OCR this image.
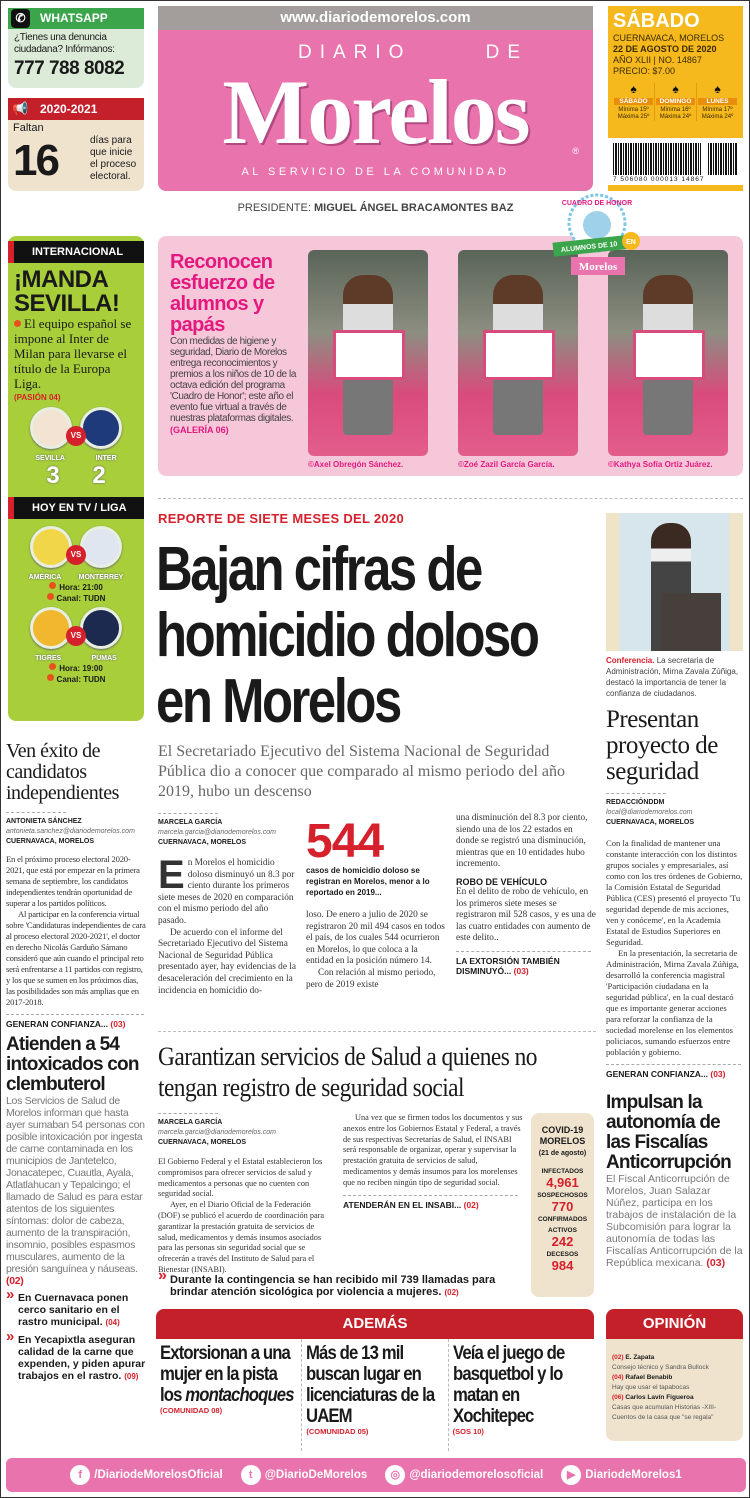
✆	WHATSAPP

¿Tienes una denuncia ciudadana? Infórmanos:

777 788 8082
📢 2020-2021
Faltan
16	días para que inicie el proceso electoral.
www.diariodemorelos.com
DIARIO	DE
Morelos	®
AL SERVICIO DE LA COMUNIDAD
SÁBADO
CUERNAVACA, MORELOS
22 DE AGOSTO DE 2020
AÑO XLII | NO. 14867
PRECIO: $7.00
♠
SÁBADO
Mínima 15º
Máxima 25º
♠
DOMINGO
Mínima 16º
Máxima 24º
♠
LUNES
Mínima 17º
Máxima 24º
7 506080 000013 14867
PRESIDENTE: MIGUEL ÁNGEL BRACAMONTES BAZ
Reconocen esfuerzo de alumnos y papás

Con medidas de higiene y seguridad, Diario de Morelos entrega reconocimientos y premios a los niños de 10 de la octava edición del programa 'Cuadro de Honor'; este año el evento fue virtual a través de nuestras plataformas digitales.

(GALERÍA 06)
©Axel Obregón Sánchez.	©Zoé Zazil García García.	©Kathya Sofía Ortiz Juárez.
CUADRO DE HONOR
ALUMNOS DE 10 EN
Morelos
INTERNACIONAL
¡MANDA SEVILLA!

El equipo español se impone al Inter de Milan para llevarse el título de la Europa Liga.

(PASIÓN 04)
VS
SEVILLA	INTER
3 2
HOY EN TV / LIGA
VS
AMÉRICA MONTERREY
Hora: 21:00
Canal: TUDN
VS
TIGRES	PUMAS
Hora: 19:00
Canal: TUDN
REPORTE DE SIETE MESES DEL 2020
Bajan cifras de homicidio doloso en Morelos
El Secretariado Ejecutivo del Sistema Nacional de Seguridad Pública dio a conocer que comparado al mismo periodo del año 2019, hubo un descenso
MARCELA GARCÍA
marcela.garcia@diariodemorelos.com
CUERNAVACA, MORELOS
En Morelos el homicidio doloso disminuyó un 8.3 por ciento durante los primeros siete meses de 2020 en comparación con el mismo periodo del año pasado.
De acuerdo con el informe del Secretariado Ejecutivo del Sistema Nacional de Seguridad Pública presentado ayer, hay evidencias de la desaceleración del crecimiento en la incidencia en homicidio do-
544
casos de homicidio doloso se registran en Morelos, menor a lo reportado en 2019...
loso. De enero a julio de 2020 se registraron 20 mil 494 casos en todos el país, de los cuales 544 ocurrieron en Morelos, lo que coloca a la entidad en la posición número 14.
Con relación al mismo periodo, pero de 2019 existe
una disminución del 8.3 por ciento, siendo una de los 22 estados en donde se registró una disminución, mientras que en 10 entidades hubo incremento.
ROBO DE VEHÍCULO
En el delito de robo de vehículo, en los primeros siete meses se registraron mil 528 casos, y es una de las cuatro entidades con aumento de este delito..
LA EXTORSIÓN TAMBIÉN DISMINUYÓ... (03)
Conferencia. La secretaria de Administración, Mirna Zavala Zúñiga, destacó la importancia de tener la confianza de ciudadanos.
Presentan proyecto de seguridad
REDACCIÓNDDM
local@diariodemorelos.com
CUERNAVACA, MORELOS
Con la finalidad de mantener una constante interacción con los distintos grupos sociales y empresariales, así como con los tres órdenes de Gobierno, la Comisión Estatal de Seguridad Pública (CES) presentó el proyecto 'Tu seguridad depende de mis acciones, ven y conóceme', en la Academia Estatal de Estudios Superiores en Seguridad.
En la presentación, la secretaria de Administración, Mirna Zavala Zúñiga, desarrolló la conferencia magistral 'Participación ciudadana en la seguridad pública', en la cual destacó que es importante generar acciones para reforzar la confianza de la sociedad morelense en los elementos policiacos, sumando esfuerzos entre población y gobierno.
GENERAN CONFIANZA... (03)
Impulsan la autonomía de las Fiscalías Anticorrupción
El Fiscal Anticorrupción de Morelos, Juan Salazar Núñez, participa en los trabajos de instalación de la Subcomisión para lograr la autonomía de todas las Fiscalías Anticorrupción de la República mexicana. (03)
Ven éxito de candidatos independientes
ANTONIETA SÁNCHEZ
antonieta.sanchez@diariodemorelos.com
CUERNAVACA, MORELOS
En el próximo proceso electoral 2020-2021, que está por empezar en la primera semana de septiembre, los candidatos independientes tendrán oportunidad de superar a los partidos políticos.
Al participar en la conferencia virtual sobre 'Candidaturas independientes de cara al proceso electoral 2020-2021', el doctor en derecho Nicolás Garduño Sámano consideró que aún cuando el principal reto será enfrentarse a 11 partidos con registro, y los que se sumen en los próximos días, las posibilidades son más amplias que en 2017-2018.
GENERAN CONFIANZA... (03)
Atienden a 54 intoxicados con clembuterol

Los Servicios de Salud de Morelos informan que hasta ayer sumaban 54 personas con posible intoxicación por ingesta de carne contaminada en los municipios de Jantetelco, Jonacatepec, Cuautla, Ayala, Atlatlahucan y Tepalcingo; el llamado de Salud es para estar atentos de los siguientes síntomas: dolor de cabeza, aumento de la transpiración, insomnio, posibles espasmos musculares, aumento de la presión sanguínea y náuseas. (02)

» En Cuernavaca ponen cerco sanitario en el rastro municipal. (04)
» En Yecapixtla aseguran calidad de la carne que expenden, y piden apurar trabajos en el rastro. (09)
Garantizan servicios de Salud a quienes no tengan registro de seguridad social
MARCELA GARCÍA
marcela.garcia@diariodemorelos.com
CUERNAVACA, MORELOS
El Gobierno Federal y el Estatal establecieron los compromisos para ofrecer servicios de salud y medicamentos a personas que no cuenten con seguridad social.
Ayer, en el Diario Oficial de la Federación (DOF) se publicó el acuerdo de coordinación para garantizar la prestación gratuita de servicios de salud, medicamentos y demás insumos asociados para las personas sin seguridad social que se ofrecerán a través del Instituto de Salud para el Bienestar (INSABI).
Una vez que se firmen todos los documentos y sus anexos entre los Gobiernos Estatal y Federal, a través de sus respectivas Secretarías de Salud, el INSABI será responsable de organizar, operar y supervisar la prestación gratuita de servicios de salud, medicamentos y demás insumos para los morelenses que no reciben ningún tipo de seguridad social.
ATENDERÁN EN EL INSABI... (02)
» Durante la contingencia se han recibido mil 739 llamadas para brindar atención sicológica por violencia a mujeres. (02)
COVID-19 MORELOS
(21 de agosto)
INFECTADOS
4,961
SOSPECHOSOS
770
CONFIRMADOS
ACTIVOS
242
DECESOS
984
ADEMÁS
Extorsionan a una mujer en la pista los montachoques
(COMUNIDAD 08)
Más de 13 mil buscan lugar en licenciaturas de la UAEM
(COMUNIDAD 05)
Veía el juego de basquetbol y lo matan en Xochitepec
(SOS 10)
OPINIÓN
(02) E. Zapata
Consejo técnico y Sandra Bullock
(04) Rafael Benabib
Hay que usar el tapabocas
(06) Carlos Lavín Figueroa
Casas que acumulan Historias -XIII- Cuentos de la casa que "se regala"
f /DiariodeMorelosOficial	t @DiarioDeMorelos	◎ @diariodemorelosoficial	▶ DiariodeMorelos1
